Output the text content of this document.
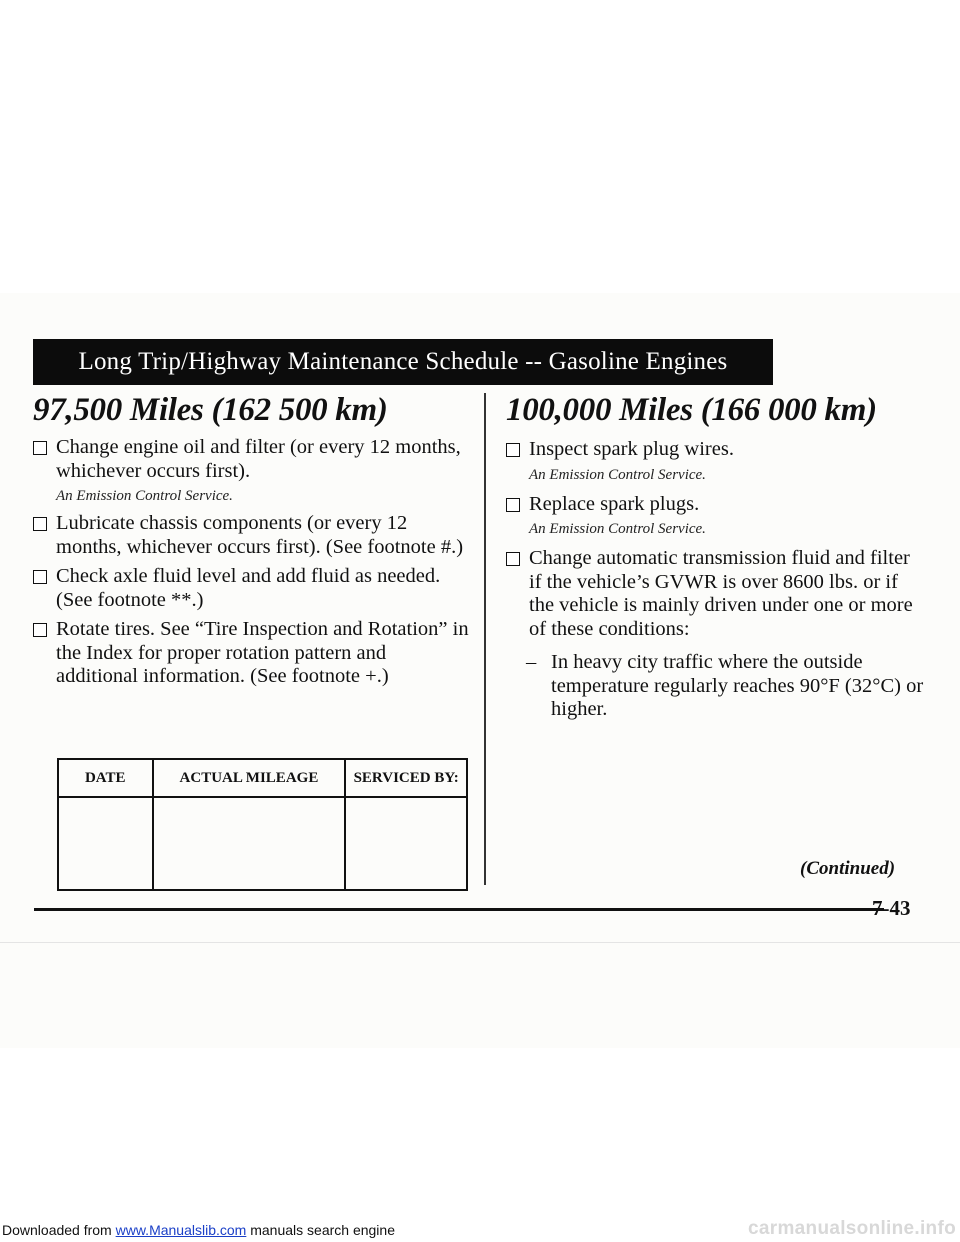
Long Trip/Highway Maintenance Schedule -- Gasoline Engines
97,500 Miles (162 500 km)
Change engine oil and filter (or every 12 months, whichever occurs first).
An Emission Control Service.
Lubricate chassis components (or every 12 months, whichever occurs first). (See footnote #.)
Check axle fluid level and add fluid as needed. (See footnote **.)
Rotate tires. See “Tire Inspection and Rotation” in the Index for proper rotation pattern and additional information. (See footnote +.)
DATE	ACTUAL MILEAGE	SERVICED BY:

100,000 Miles (166 000 km)
Inspect spark plug wires.
An Emission Control Service.
Replace spark plugs.
An Emission Control Service.
Change automatic transmission fluid and filter if the vehicle’s GVWR is over 8600 lbs. or if the vehicle is mainly driven under one or more of these conditions:
– In heavy city traffic where the outside temperature regularly reaches 90°F (32°C) or higher.
(Continued)
7-43
Downloaded from www.Manualslib.com manuals search engine	carmanualsonline.info
